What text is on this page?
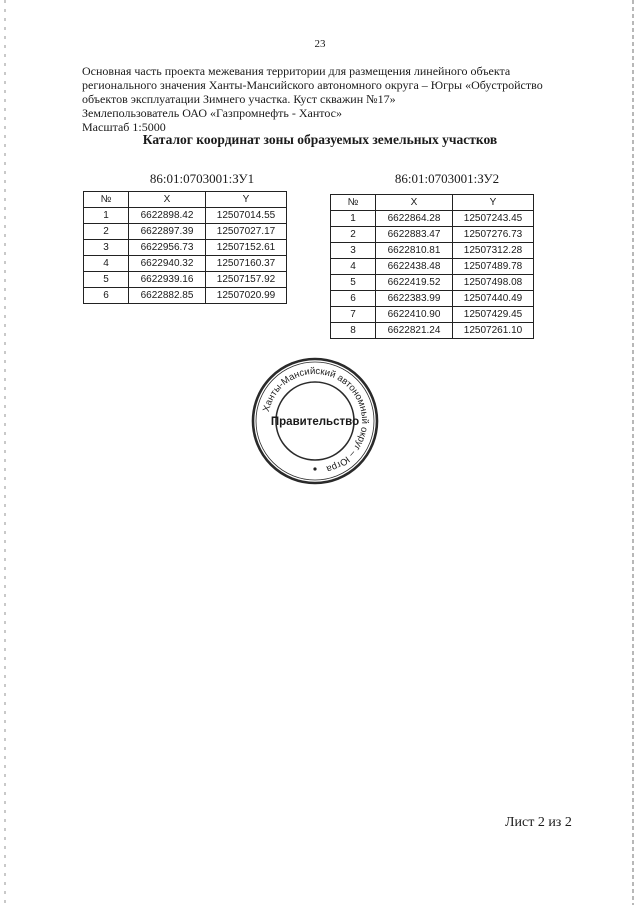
23
Основная часть проекта межевания территории для размещения линейного объекта
регионального значения Ханты-Мансийского автономного округа – Югры «Обустройство
объектов эксплуатации Зимнего участка. Куст скважин №17»
Землепользователь ОАО «Газпромнефть - Хантос»
Масштаб 1:5000
Каталог координат зоны образуемых земельных участков
86:01:0703001:ЗУ1
№	X	Y
1	6622898.42	12507014.55
2	6622897.39	12507027.17
3	6622956.73	12507152.61
4	6622940.32	12507160.37
5	6622939.16	12507157.92
6	6622882.85	12507020.99
86:01:0703001:ЗУ2
№	X	Y
1	6622864.28	12507243.45
2	6622883.47	12507276.73
3	6622810.81	12507312.28
4	6622438.48	12507489.78
5	6622419.52	12507498.08
6	6622383.99	12507440.49
7	6622410.90	12507429.45
8	6622821.24	12507261.10
Ханты-Мансийский автономный округ – Югра
Правительство
Лист 2 из 2
